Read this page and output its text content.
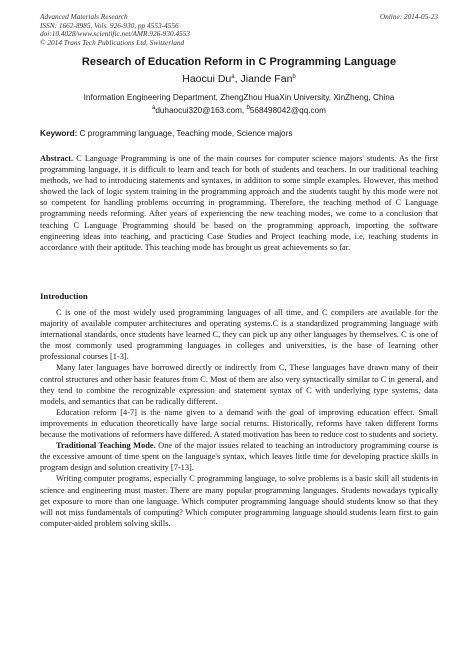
Advanced Materials Research
ISSN: 1662-8985, Vols. 926-930, pp 4553-4556
doi:10.4028/www.scientific.net/AMR.926-930.4553
© 2014 Trans Tech Publications Ltd, Switzerland
Online: 2014-05-23
Research of Education Reform in C Programming Language
Haocui Du$^a$, Jiande Fan$^b$
Information Engineering Department, ZhengZhou HuaXin University, XinZheng, China
$^a$duhaocui320@163.com, $^b$568498042@qq.com
Keyword: C programming language, Teaching mode, Science majors
Abstract. C Language Programming is one of the main courses for computer science majors' students. As the first programming language, it is difficult to learn and teach for both of students and teachers. In our traditional teaching methods, we had to introducing statements and syntaxes, in addition to some simple examples. However, this method showed the lack of logic system training in the programming approach and the students taught by this mode were not so competent for handling problems occurring in programming. Therefore, the teaching method of C Language programming needs reforming. After years of experiencing the new teaching modes, we come to a conclusion that teaching C Language Programming should be based on the programming approach, importing the software engineering ideas into teaching, and practicing Case Studies and Project teaching mode, i.e, teaching students in accordance with their aptitude. This teaching mode has brought us great achievements so far.
Introduction

C is one of the most widely used programming languages of all time, and C compilers are available for the majority of available computer architectures and operating systems.C is a standardized programming language with international standards, once students have learned C, they can pick up any other languages by themselves. C is one of the most commonly used programming languages in colleges and universities, is the base of learning other professional courses [1-3].

Many later languages have borrowed directly or indirectly from C, These languages have drawn many of their control structures and other basic features from C. Most of them are also very syntactically similar to C in general, and they tend to combine the recognizable expression and statement syntax of C with underlying type systems, data models, and semantics that can be radically different.

Education reform [4-7] is the name given to a demand with the goal of improving education effect. Small improvements in education theoretically have large social returns. Historically, reforms have taken different forms because the motivations of reformers have differed. A stated motivation has been to reduce cost to students and society.

Traditional Teaching Mode. One of the major issues related to teaching an introductory programming course is the excessive amount of time spent on the language's syntax, which leaves little time for developing practice skills in program design and solution creativity [7-13].

Writing computer programs, especially C programming language, to solve problems is a basic skill all students in science and engineering must master. There are many popular programming languages. Students nowadays typically get exposure to more than one language. Which computer programming language should students know so that they will not miss fundamentals of computing? Which computer programming language should students learn first to gain computer-aided problem solving skills.
